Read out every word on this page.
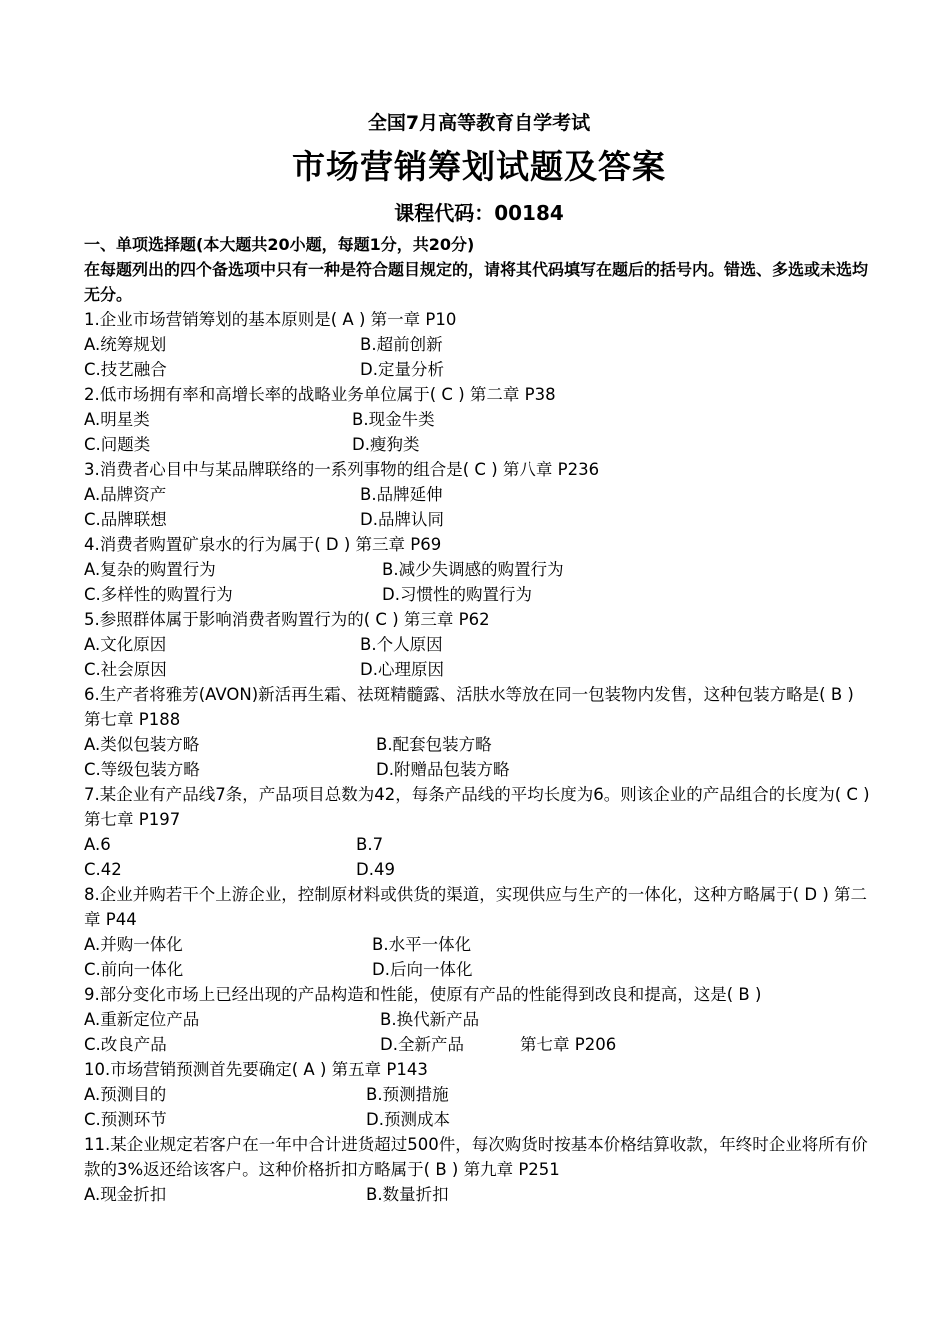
全国7月高等教育自学考试
市场营销筹划试题及答案
课程代码：00184
一、单项选择题(本大题共20小题，每题1分，共20分)
在每题列出的四个备选项中只有一种是符合题目规定的，请将其代码填写在题后的括号内。错选、多选或未选均无分。
1.企业市场营销筹划的基本原则是( A ) 第一章 P10
A.统筹规划	B.超前创新
C.技艺融合	D.定量分析
2.低市场拥有率和高增长率的战略业务单位属于( C ) 第二章 P38
A.明星类	B.现金牛类
C.问题类	D.瘦狗类
3.消费者心目中与某品牌联络的一系列事物的组合是( C ) 第八章 P236
A.品牌资产	B.品牌延伸
C.品牌联想	D.品牌认同
4.消费者购置矿泉水的行为属于( D ) 第三章 P69
A.复杂的购置行为	B.减少失调感的购置行为
C.多样性的购置行为	D.习惯性的购置行为
5.参照群体属于影响消费者购置行为的( C ) 第三章 P62
A.文化原因	B.个人原因
C.社会原因	D.心理原因
6.生产者将雅芳(AVON)新活再生霜、祛斑精髓露、活肤水等放在同一包装物内发售，这种包装方略是( B ) 第七章 P188
A.类似包装方略	B.配套包装方略
C.等级包装方略	D.附赠品包装方略
7.某企业有产品线7条，产品项目总数为42，每条产品线的平均长度为6。则该企业的产品组合的长度为( C ) 第七章 P197
A.6	B.7
C.42	D.49
8.企业并购若干个上游企业，控制原材料或供货的渠道，实现供应与生产的一体化，这种方略属于( D ) 第二章 P44
A.并购一体化	B.水平一体化
C.前向一体化	D.后向一体化
9.部分变化市场上已经出现的产品构造和性能，使原有产品的性能得到改良和提高，这是( B )
A.重新定位产品	B.换代新产品
C.改良产品	D.全新产品	第七章 P206
10.市场营销预测首先要确定( A ) 第五章 P143
A.预测目的	B.预测措施
C.预测环节	D.预测成本
11.某企业规定若客户在一年中合计进货超过500件，每次购货时按基本价格结算收款，年终时企业将所有价款的3%返还给该客户。这种价格折扣方略属于( B ) 第九章 P251
A.现金折扣	B.数量折扣
